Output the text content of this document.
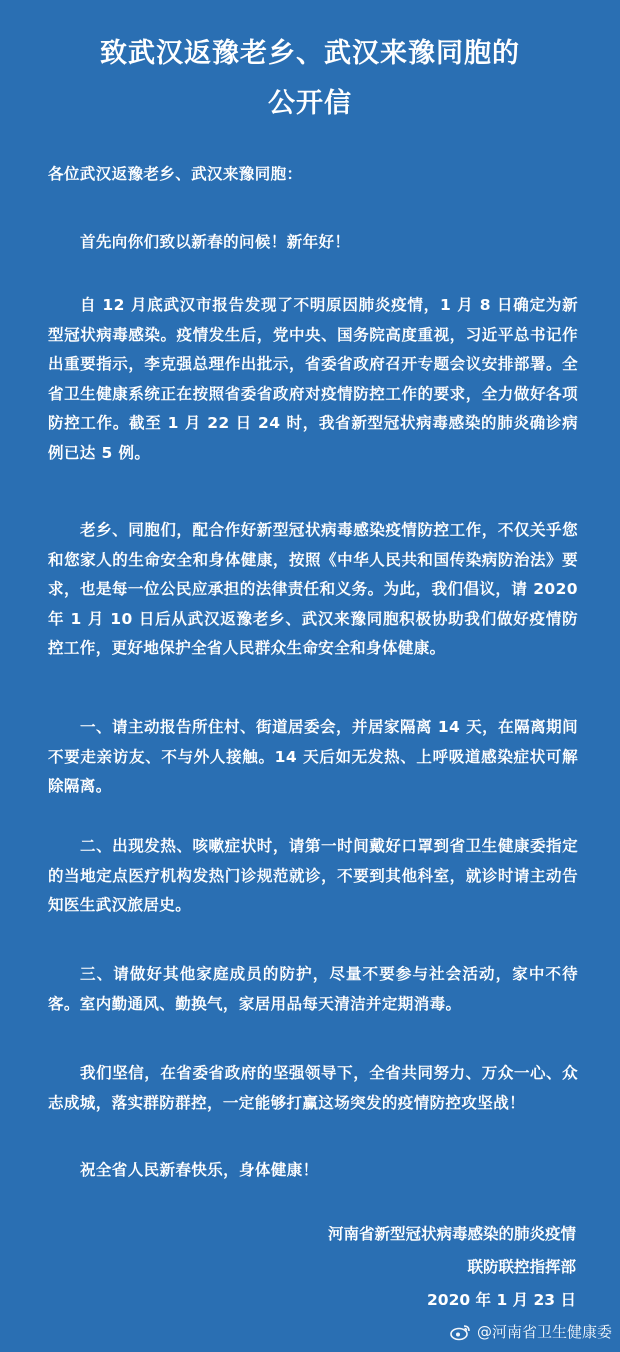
致武汉返豫老乡、武汉来豫同胞的
公开信

各位武汉返豫老乡、武汉来豫同胞：

首先向你们致以新春的问候！新年好！

自 12 月底武汉市报告发现了不明原因肺炎疫情，1 月 8 日确定为新型冠状病毒感染。疫情发生后，党中央、国务院高度重视，习近平总书记作出重要指示，李克强总理作出批示，省委省政府召开专题会议安排部署。全省卫生健康系统正在按照省委省政府对疫情防控工作的要求，全力做好各项防控工作。截至 1 月 22 日 24 时，我省新型冠状病毒感染的肺炎确诊病例已达 5 例。

老乡、同胞们，配合作好新型冠状病毒感染疫情防控工作，不仅关乎您和您家人的生命安全和身体健康，按照《中华人民共和国传染病防治法》要求，也是每一位公民应承担的法律责任和义务。为此，我们倡议，请 2020 年 1 月 10 日后从武汉返豫老乡、武汉来豫同胞积极协助我们做好疫情防控工作，更好地保护全省人民群众生命安全和身体健康。

一、请主动报告所住村、街道居委会，并居家隔离 14 天，在隔离期间不要走亲访友、不与外人接触。14 天后如无发热、上呼吸道感染症状可解除隔离。

二、出现发热、咳嗽症状时，请第一时间戴好口罩到省卫生健康委指定的当地定点医疗机构发热门诊规范就诊，不要到其他科室，就诊时请主动告知医生武汉旅居史。

三、请做好其他家庭成员的防护，尽量不要参与社会活动，家中不待客。室内勤通风、勤换气，家居用品每天清洁并定期消毒。

我们坚信，在省委省政府的坚强领导下，全省共同努力、万众一心、众志成城，落实群防群控，一定能够打赢这场突发的疫情防控攻坚战！

祝全省人民新春快乐，身体健康！

河南省新型冠状病毒感染的肺炎疫情
联防联控指挥部
2020 年 1 月 23 日
@河南省卫生健康委
